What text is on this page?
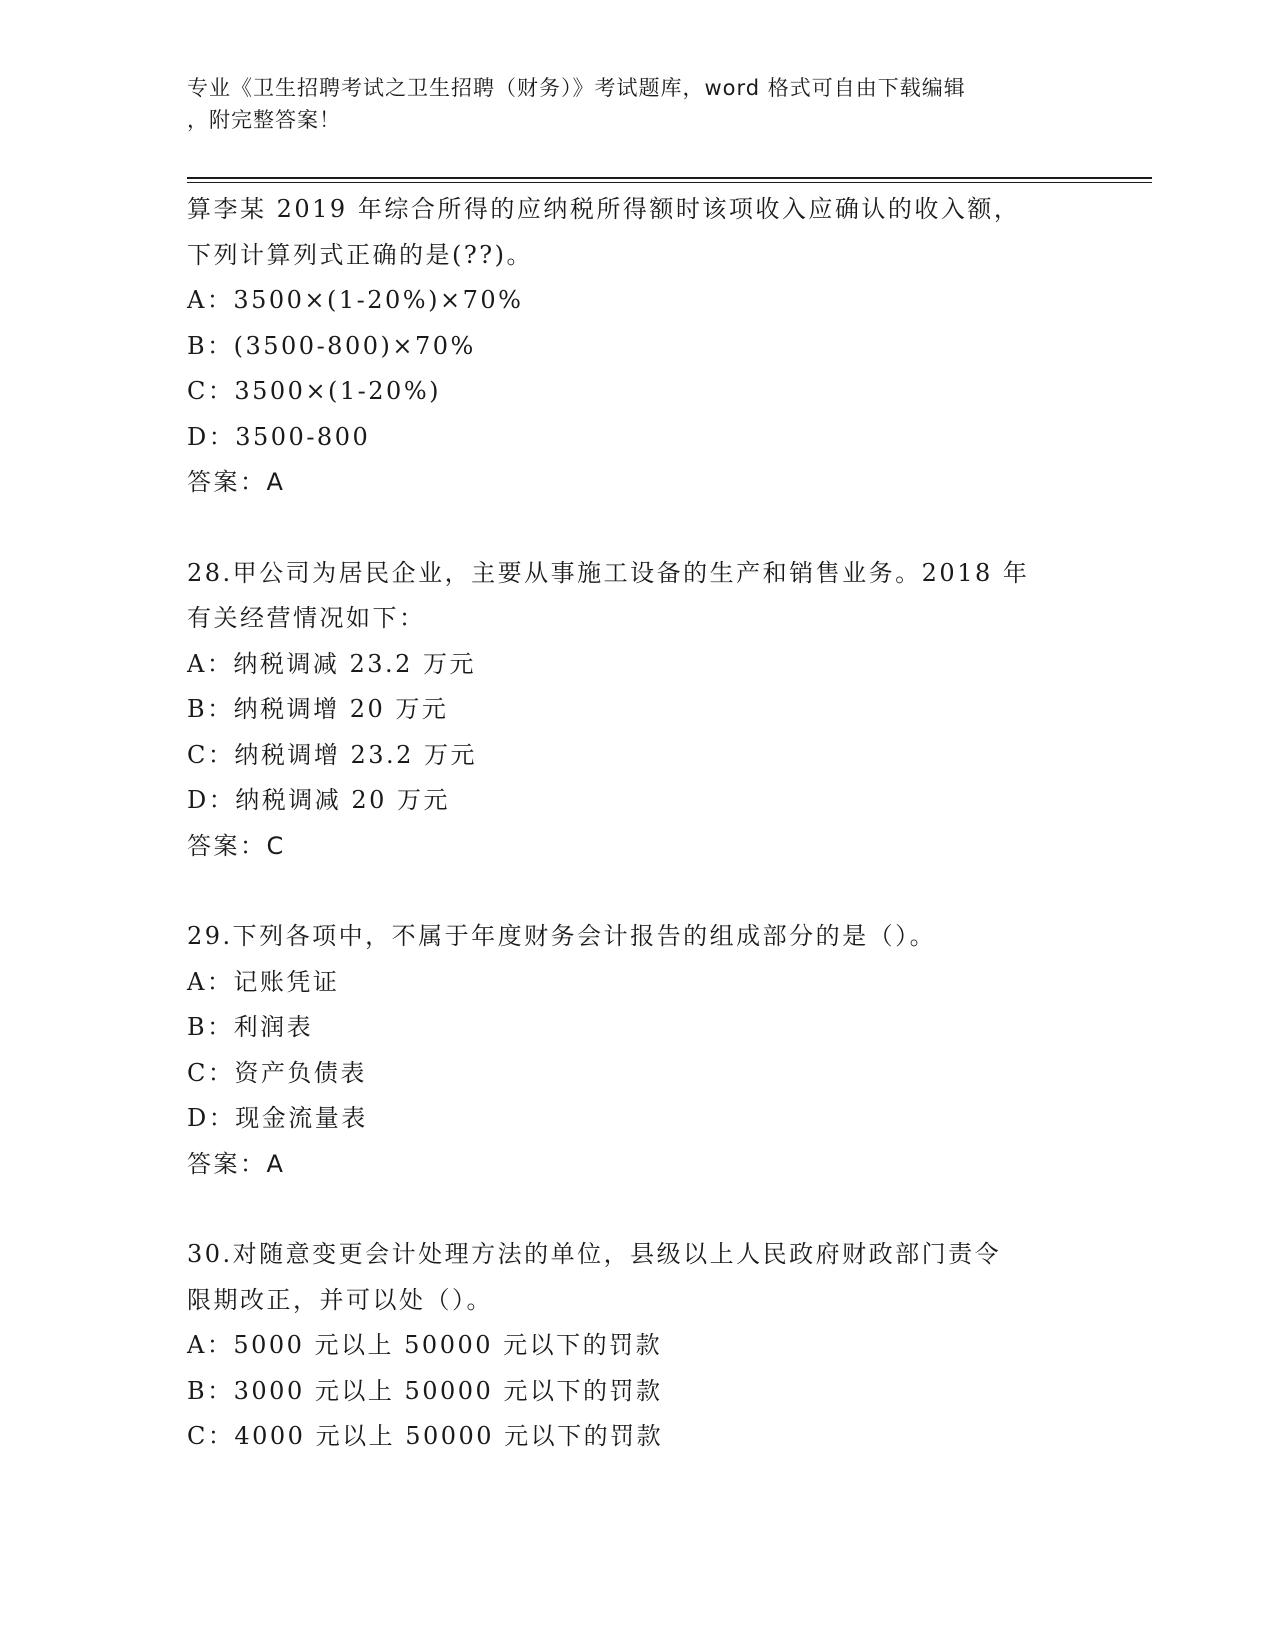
专业《卫生招聘考试之卫生招聘（财务）》考试题库，word 格式可自由下载编辑
，附完整答案！
算李某 2019 年综合所得的应纳税所得额时该项收入应确认的收入额，
下列计算列式正确的是(??)。
A：3500×(1-20%)×70%
B：(3500-800)×70%
C：3500×(1-20%)
D：3500-800
答案：A
28.甲公司为居民企业，主要从事施工设备的生产和销售业务。2018 年
有关经营情况如下：
A：纳税调减 23.2 万元
B：纳税调增 20 万元
C：纳税调增 23.2 万元
D：纳税调减 20 万元
答案：C
29.下列各项中，不属于年度财务会计报告的组成部分的是（）。
A：记账凭证
B：利润表
C：资产负债表
D：现金流量表
答案：A
30.对随意变更会计处理方法的单位，县级以上人民政府财政部门责令
限期改正，并可以处（）。
A：5000 元以上 50000 元以下的罚款
B：3000 元以上 50000 元以下的罚款
C：4000 元以上 50000 元以下的罚款
